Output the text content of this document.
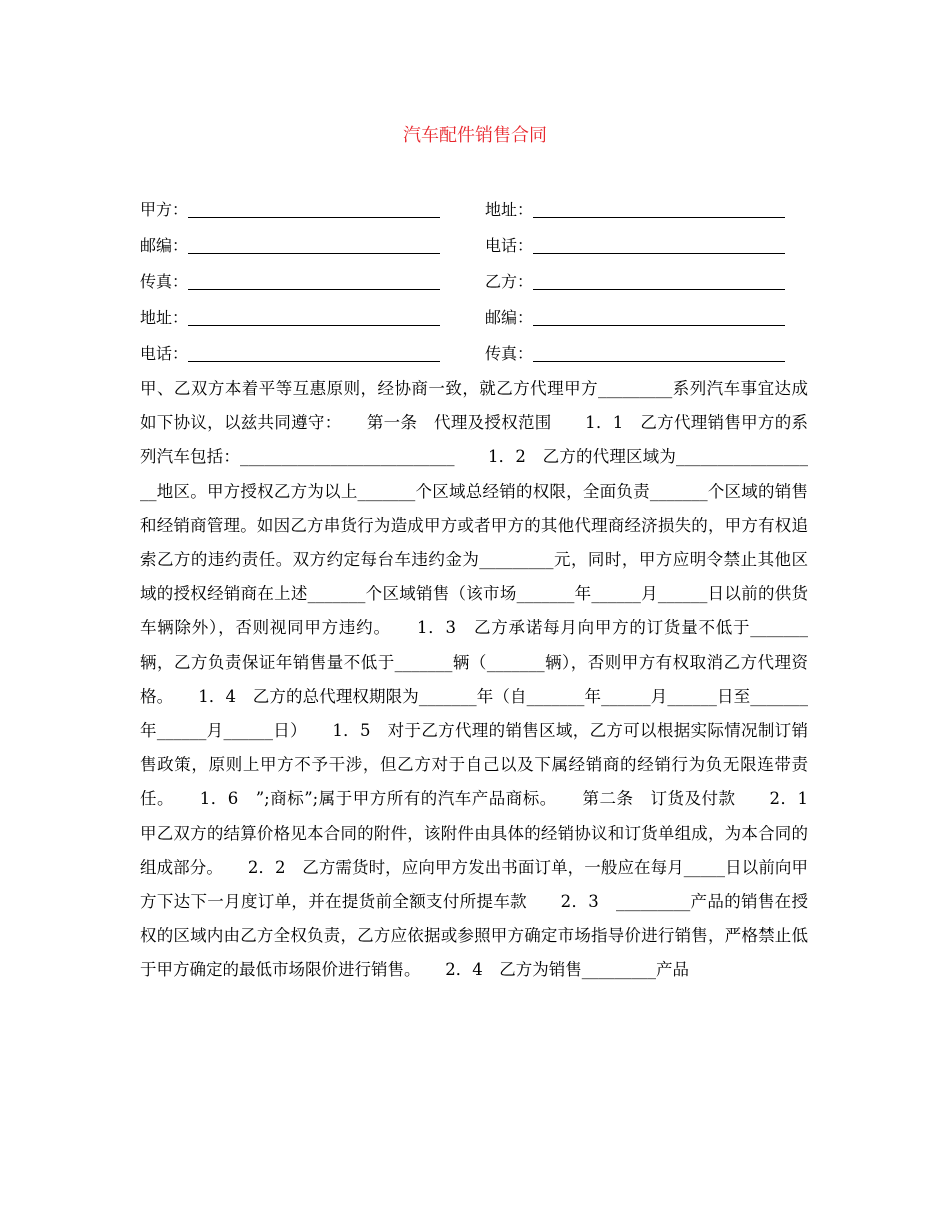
汽车配件销售合同
甲方：	地址：
邮编：	电话：
传真：	乙方：
地址：	邮编：
电话：	传真：
甲、乙双方本着平等互惠原则，经协商一致，就乙方代理甲方_________系列汽车事宜达成如下协议，以兹共同遵守：　　第一条　代理及授权范围　　1．1　乙方代理销售甲方的系列汽车包括：__________________________　　1．2　乙方的代理区域为__________________地区。甲方授权乙方为以上_______个区域总经销的权限，全面负责_______个区域的销售和经销商管理。如因乙方串货行为造成甲方或者甲方的其他代理商经济损失的，甲方有权追索乙方的违约责任。双方约定每台车违约金为_________元，同时，甲方应明令禁止其他区域的授权经销商在上述_______个区域销售（该市场_______年______月______日以前的供货车辆除外），否则视同甲方违约。　　1．3　乙方承诺每月向甲方的订货量不低于_______辆，乙方负责保证年销售量不低于_______辆（_______辆），否则甲方有权取消乙方代理资格。　　1．4　乙方的总代理权期限为_______年（自_______年______月______日至_______年______月______日）　　1．5　对于乙方代理的销售区域，乙方可以根据实际情况制订销售政策，原则上甲方不予干涉，但乙方对于自己以及下属经销商的经销行为负无限连带责任。　　1．6　”;商标”;属于甲方所有的汽车产品商标。　　第二条　订货及付款　　2．1　甲乙双方的结算价格见本合同的附件，该附件由具体的经销协议和订货单组成，为本合同的组成部分。　　2．2　乙方需货时，应向甲方发出书面订单，一般应在每月_____日以前向甲方下达下一月度订单，并在提货前全额支付所提车款　　2．3　_________产品的销售在授权的区域内由乙方全权负责，乙方应依据或参照甲方确定市场指导价进行销售，严格禁止低于甲方确定的最低市场限价进行销售。　　2．4　乙方为销售_________产品
